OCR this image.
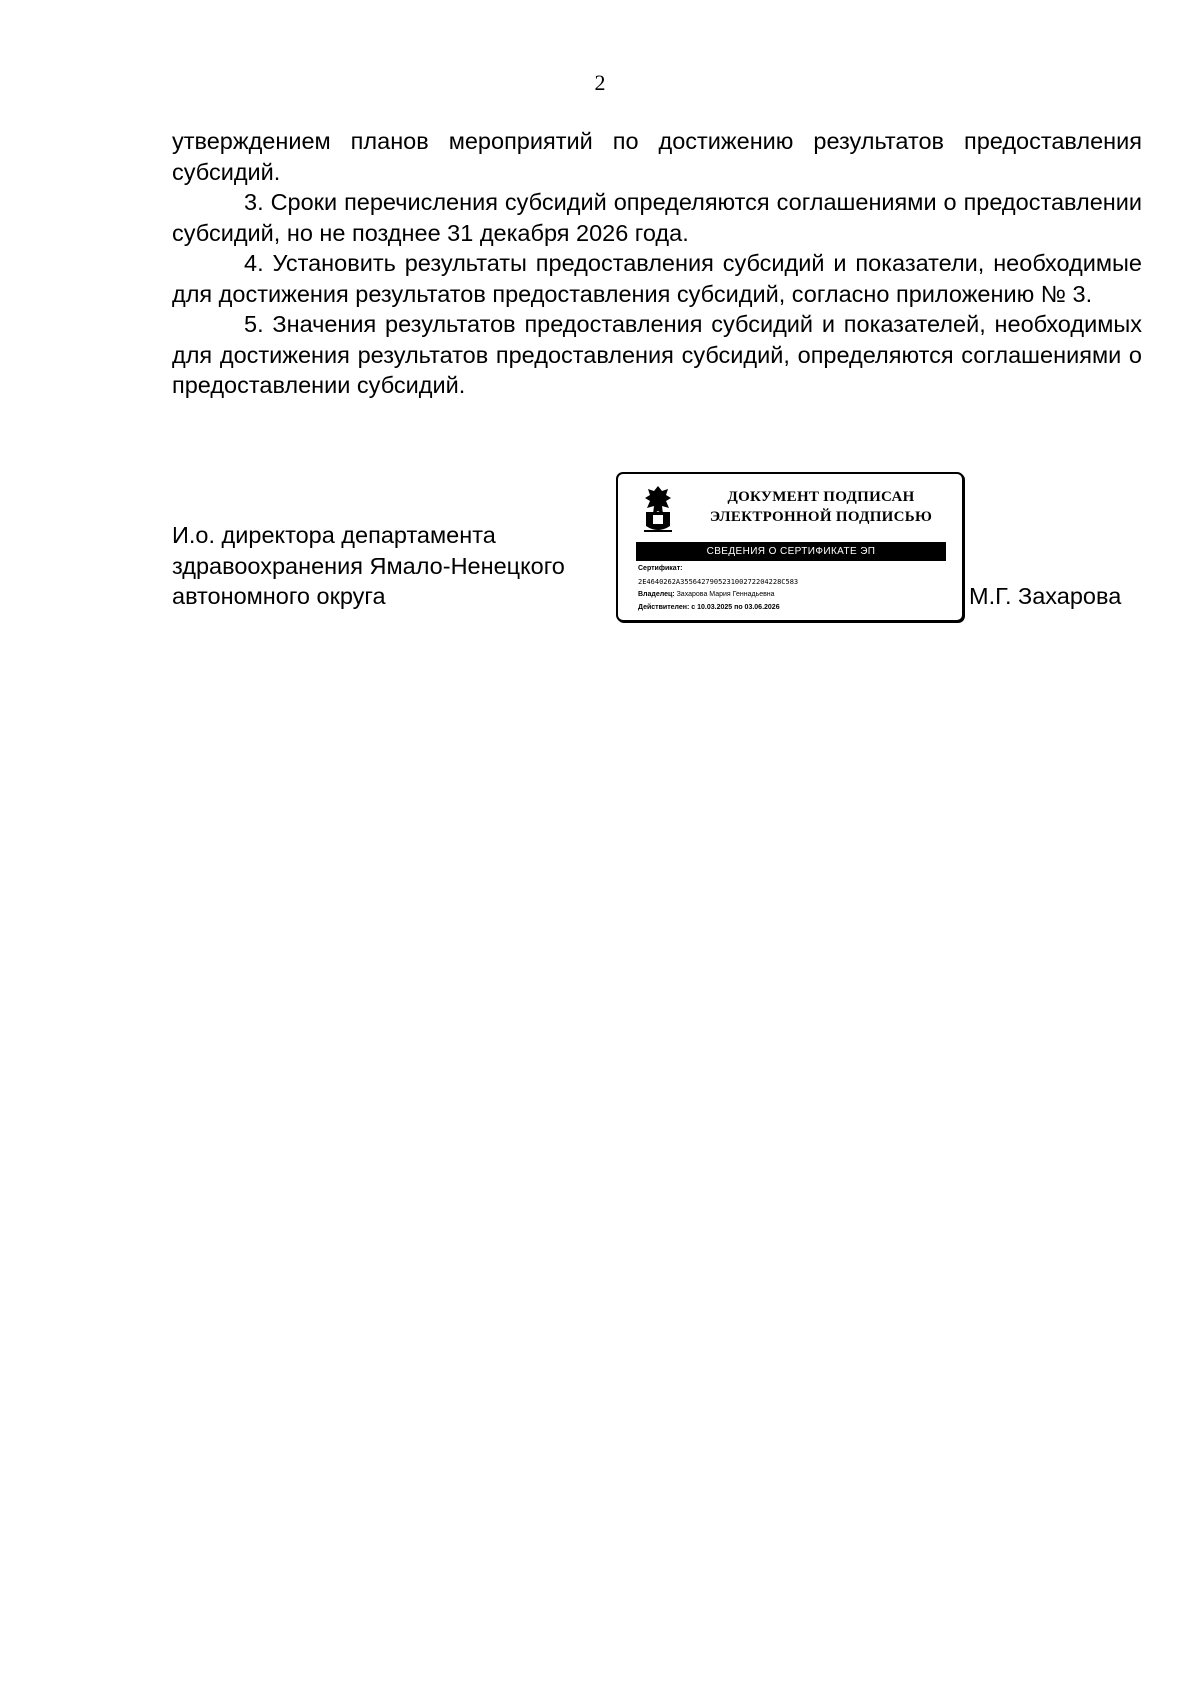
2

утверждением планов мероприятий по достижению результатов предоставления субсидий.

3. Сроки перечисления субсидий определяются соглашениями о предоставлении субсидий, но не позднее 31 декабря 2026 года.

4. Установить результаты предоставления субсидий и показатели, необходимые для достижения результатов предоставления субсидий, согласно приложению № 3.

5. Значения результатов предоставления субсидий и показателей, необходимых для достижения результатов предоставления субсидий, определяются соглашениями о предоставлении субсидий.

И.о. директора департамента
здравоохранения Ямало-Ненецкого
автономного округа
ДОКУМЕНТ ПОДПИСАН
ЭЛЕКТРОННОЙ ПОДПИСЬЮ
СВЕДЕНИЯ О СЕРТИФИКАТЕ ЭП
Сертификат:
2E4640262A355642790523100272204228C583
Владелец: Захарова Мария Геннадьевна
Действителен: с 10.03.2025 по 03.06.2026	М.Г. Захарова
